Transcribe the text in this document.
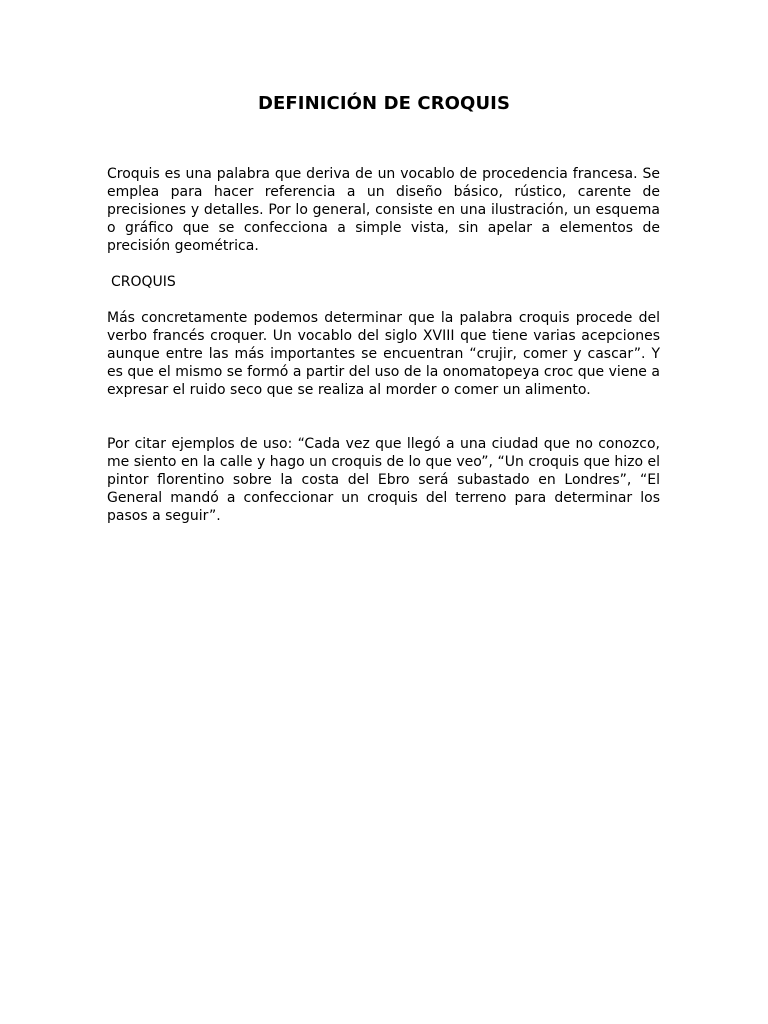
DEFINICIÓN DE CROQUIS
Croquis es una palabra que deriva de un vocablo de procedencia francesa. Se emplea para hacer referencia a un diseño básico, rústico, carente de precisiones y detalles. Por lo general, consiste en una ilustración, un esquema o gráfico que se confecciona a simple vista, sin apelar a elementos de precisión geométrica.
CROQUIS
Más concretamente podemos determinar que la palabra croquis procede del verbo francés croquer. Un vocablo del siglo XVIII que tiene varias acepciones aunque entre las más importantes se encuentran “crujir, comer y cascar”. Y es que el mismo se formó a partir del uso de la onomatopeya croc que viene a expresar el ruido seco que se realiza al morder o comer un alimento.
Por citar ejemplos de uso: “Cada vez que llegó a una ciudad que no conozco, me siento en la calle y hago un croquis de lo que veo”, “Un croquis que hizo el pintor florentino sobre la costa del Ebro será subastado en Londres”, “El General mandó a confeccionar un croquis del terreno para determinar los pasos a seguir”.
